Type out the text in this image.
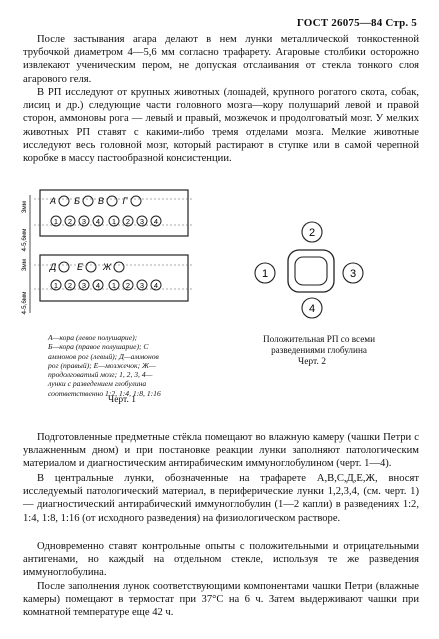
ГОСТ 26075—84 Стр. 5

После застывания агара делают в нем лунки металлической тонкостенной трубочкой диаметром 4—5,6 мм согласно трафарету. Агаровые столбики осторожно извлекают ученическим пером, не допуская отслаивания от стекла тонкого слоя агарового геля.

В РП исследуют от крупных животных (лошадей, крупного рогатого скота, собак, лисиц и др.) следующие части головного мозга—кору полушарий левой и правой сторон, аммоновы рога — левый и правый, мозжечок и продолговатый мозг. У мелких животных РП ставят с какими-либо тремя отделами мозга. Мелкие животные исследуют весь головной мозг, который растирают в ступке или в самой черепной коробке в массу пастообразной консистенции.

3мм
4-5,6мм
3мм
4-5,6мм
А Б В Г
1 2 3 4 1 2 3 4
Д Е Ж
1 2 3 4 1 2 3 4
А—кора (левое полушарие);
Б—кора (правое полушарие); С
аммонов рог (левый); Д—аммонов
рог (правый); Е—мозжечок; Ж—
продолговатый мозг; 1, 2, 3, 4—
лунки с разведением глобулина
соответственно 1:2, 1:4, 1:8, 1:16
Черт. 1
2
1	3
4
Положительная РП со всеми
разведениями глобулина
Черт. 2

Подготовленные предметные стёкла помещают во влажную камеру (чашки Петри с увлажненным дном) и при постановке реакции лунки заполняют патологическим материалом и диагностическим антирабическим иммуноглобулином (черт. 1—4).

В центральные лунки, обозначенные на трафарете А,В,С,Д,Е,Ж, вносят исследуемый патологический материал, в периферические лунки 1,2,3,4, (см. черт. 1) — диагностический антирабический иммуноглобулин (1—2 капли) в разведениях 1:2, 1:4, 1:8, 1:16 (от исходного разведения) на физиологическом растворе.

Одновременно ставят контрольные опыты с положительными и отрицательными антигенами, но каждый на отдельном стекле, используя те же разведения иммуноглобулина.

После заполнения лунок соответствующими компонентами чашки Петри (влажные камеры) помещают в термостат при 37°С на 6 ч. Затем выдерживают чашки при комнатной температуре еще 42 ч.
